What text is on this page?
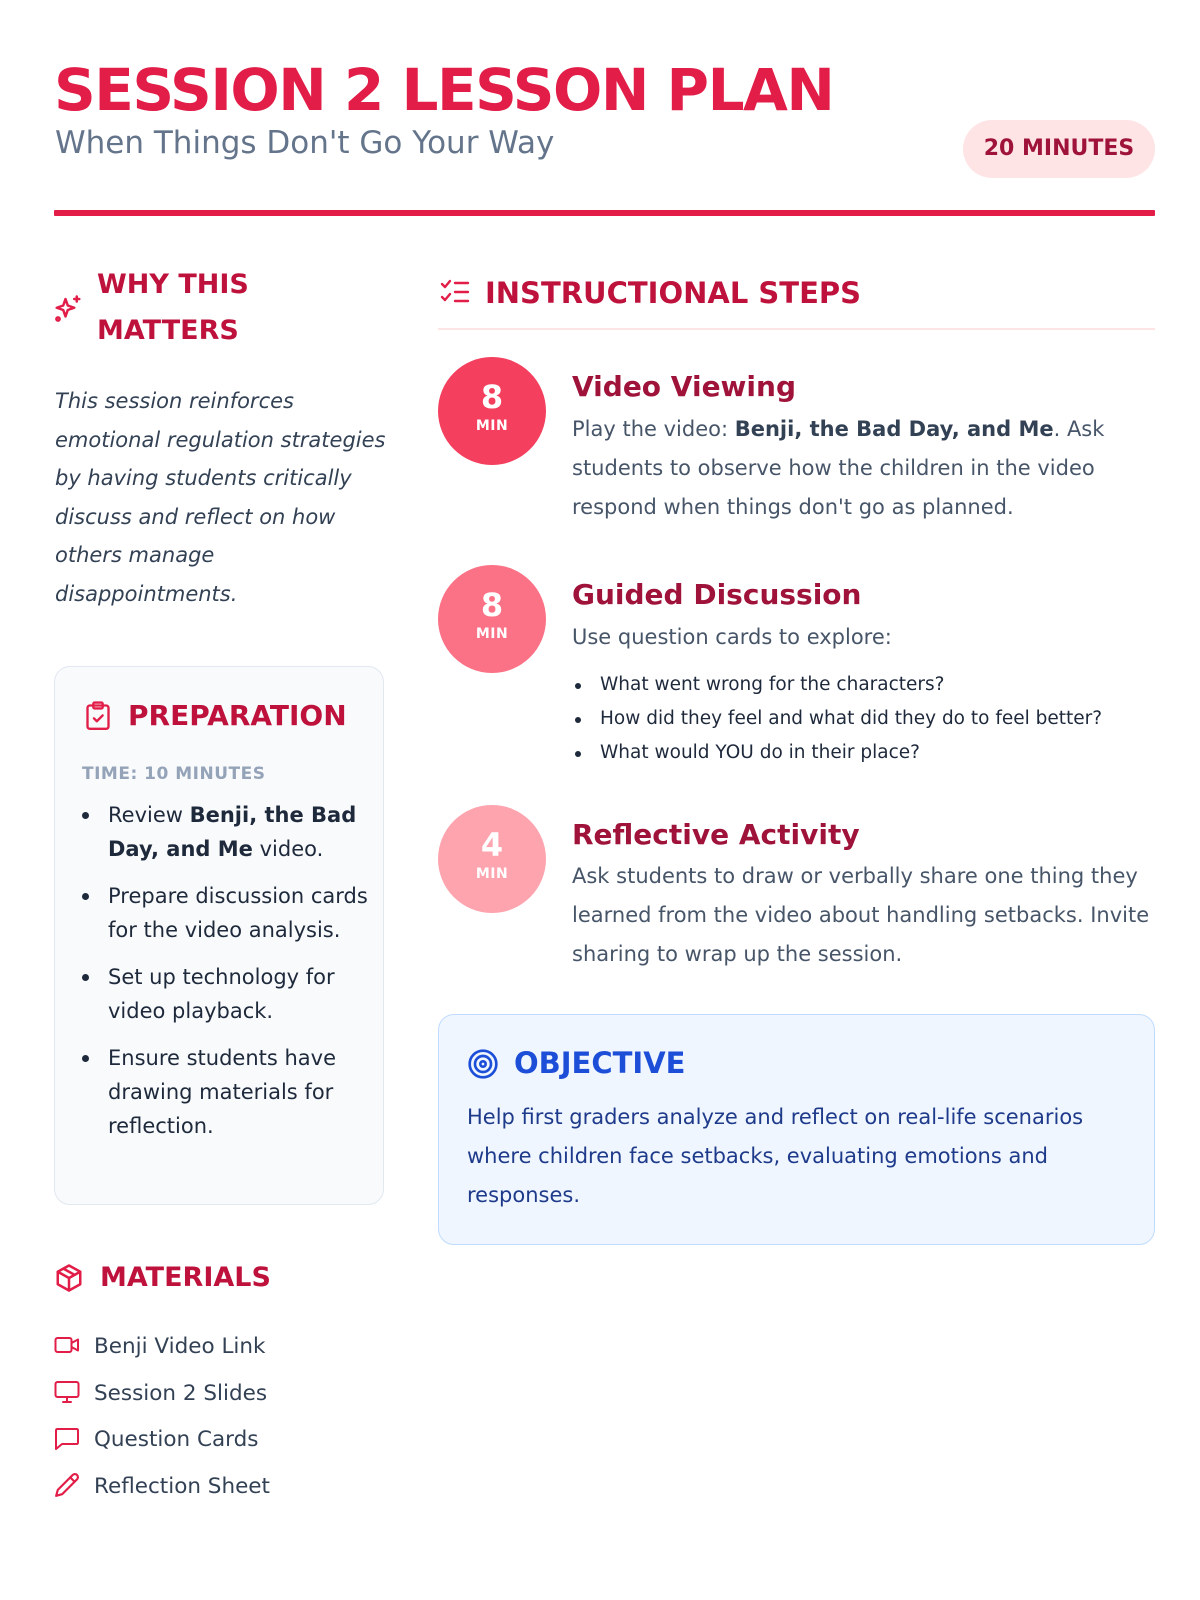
SESSION 2 LESSON PLAN
When Things Don't Go Your Way	20 MINUTES
WHY THIS
MATTERS
This session reinforces emotional regulation strategies by having students critically discuss and reflect on how others manage disappointments.
PREPARATION
TIME: 10 MINUTES
Review Benji, the Bad Day, and Me video.
Prepare discussion cards for the video analysis.
Set up technology for video playback.
Ensure students have drawing materials for reflection.
MATERIALS
Benji Video Link
Session 2 Slides
Question Cards
Reflection Sheet
INSTRUCTIONAL STEPS
8
MIN
Video Viewing
Play the video: Benji, the Bad Day, and Me. Ask students to observe how the children in the video respond when things don't go as planned.
8
MIN
Guided Discussion
Use question cards to explore:
What went wrong for the characters?
How did they feel and what did they do to feel better?
What would YOU do in their place?
4
MIN
Reflective Activity
Ask students to draw or verbally share one thing they learned from the video about handling setbacks. Invite sharing to wrap up the session.
OBJECTIVE
Help first graders analyze and reflect on real-life scenarios where children face setbacks, evaluating emotions and responses.
